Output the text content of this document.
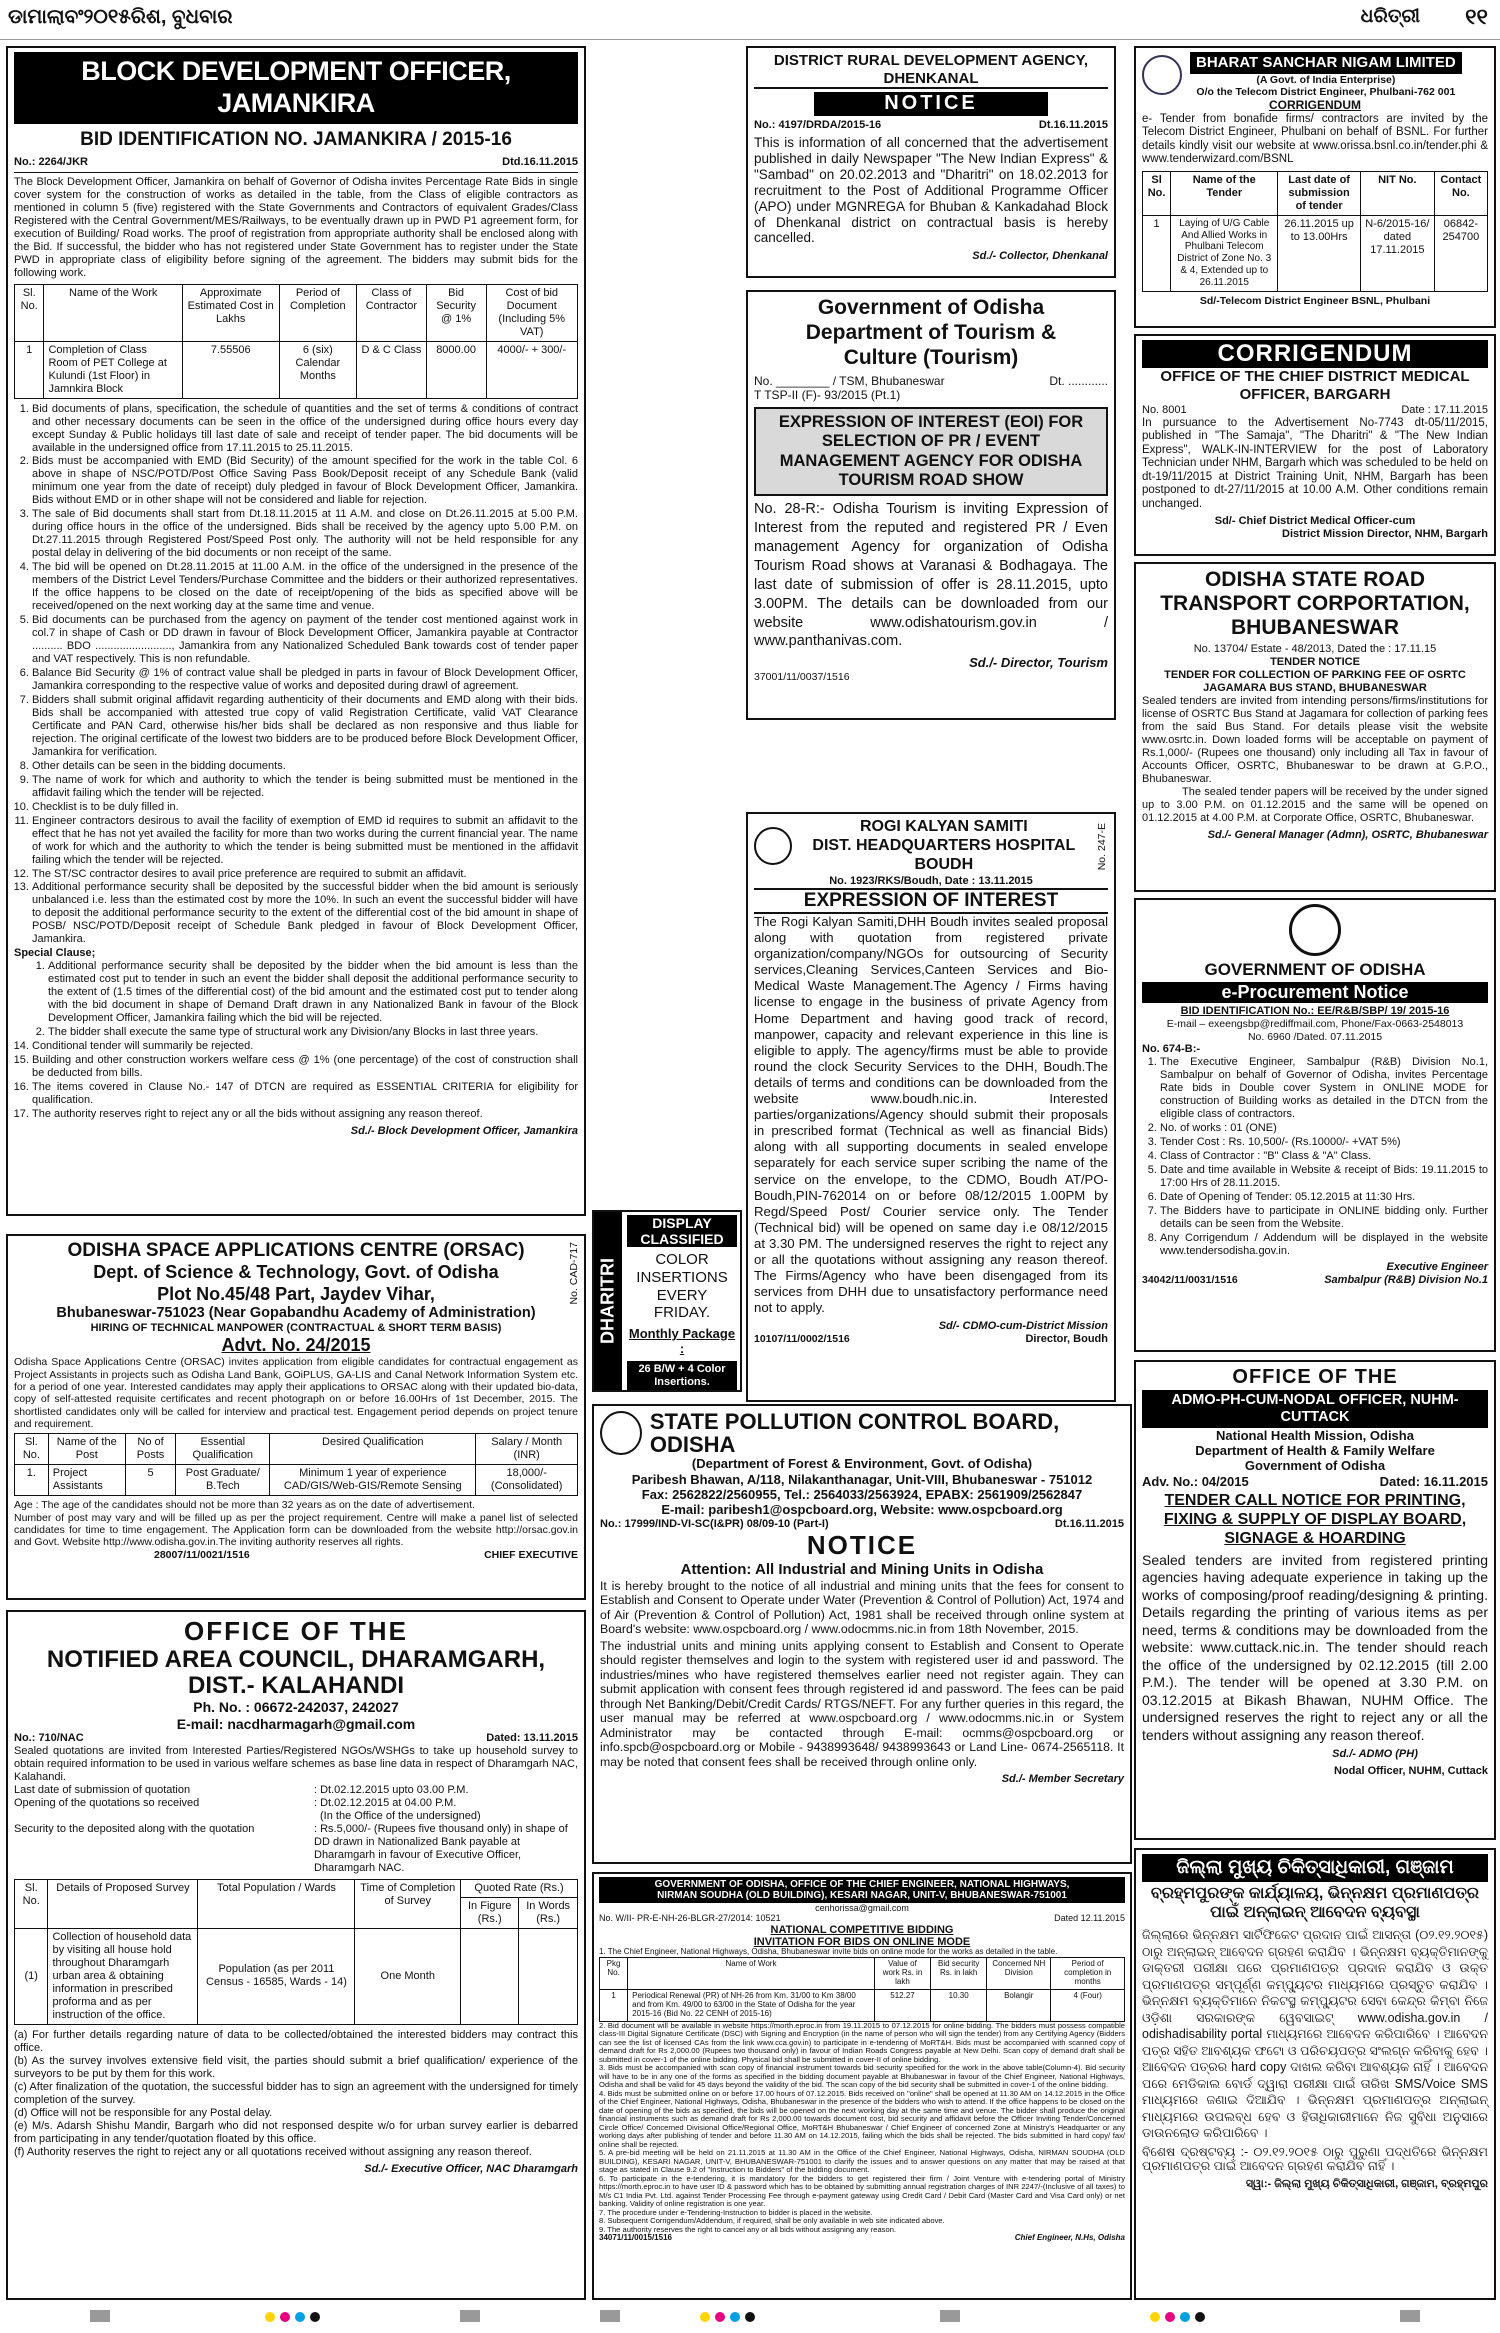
ଡାମାଲାବଂ୨୦୧୫ରିଶ, ବୁଧବାର	ଧରିତ୍ରୀ ୧୧
BLOCK DEVELOPMENT OFFICER, JAMANKIRA
BID IDENTIFICATION NO. JAMANKIRA / 2015-16
No.: 2264/JKR	Dtd.16.11.2015

The Block Development Officer, Jamankira on behalf of Governor of Odisha invites Percentage Rate Bids in single cover system for the construction of works as detailed in the table, from the Class of eligible contractors as mentioned in column 5 (five) registered with the State Governments and Contractors of equivalent Grades/Class Registered with the Central Government/MES/Railways, to be eventually drawn up in PWD P1 agreement form, for execution of Building/ Road works. The proof of registration from appropriate authority shall be enclosed along with the Bid. If successful, the bidder who has not registered under State Government has to register under the State PWD in appropriate class of eligibility before signing of the agreement. The bidders may submit bids for the following work.

Sl. No.	Name of the Work	Approximate Estimated Cost in Lakhs	Period of Completion	Class of Contractor	Bid Security @ 1%	Cost of bid Document (Including 5% VAT)
1	Completion of Class Room of PET College at Kulundi (1st Floor) in Jamnkira Block	7.55506	6 (six) Calendar Months	D & C Class	8000.00	4000/- + 300/-
1. Bid documents of plans, specification, the schedule of quantities and the set of terms & conditions of contract and other necessary documents can be seen in the office of the undersigned during office hours every day except Sunday & Public holidays till last date of sale and receipt of tender paper. The bid documents will be available in the undersigned office from 17.11.2015 to 25.11.2015.
2. Bids must be accompanied with EMD (Bid Security) of the amount specified for the work in the table Col. 6 above in shape of NSC/POTD/Post Office Saving Pass Book/Deposit receipt of any Schedule Bank (valid minimum one year from the date of receipt) duly pledged in favour of Block Development Officer, Jamankira. Bids without EMD or in other shape will not be considered and liable for rejection.
3. The sale of Bid documents shall start from Dt.18.11.2015 at 11 A.M. and close on Dt.26.11.2015 at 5.00 P.M. during office hours in the office of the undersigned. Bids shall be received by the agency upto 5.00 P.M. on Dt.27.11.2015 through Registered Post/Speed Post only. The authority will not be held responsible for any postal delay in delivering of the bid documents or non receipt of the same.
4. The bid will be opened on Dt.28.11.2015 at 11.00 A.M. in the office of the undersigned in the presence of the members of the District Level Tenders/Purchase Committee and the bidders or their authorized representatives. If the office happens to be closed on the date of receipt/opening of the bids as specified above will be received/opened on the next working day at the same time and venue.
5. Bid documents can be purchased from the agency on payment of the tender cost mentioned against work in col.7 in shape of Cash or DD drawn in favour of Block Development Officer, Jamankira payable at Contractor .......... BDO ........................., Jamankira from any Nationalized Scheduled Bank towards cost of tender paper and VAT respectively. This is non refundable.
6. Balance Bid Security @ 1% of contract value shall be pledged in parts in favour of Block Development Officer, Jamankira corresponding to the respective value of works and deposited during drawl of agreement.
7. Bidders shall submit original affidavit regarding authenticity of their documents and EMD along with their bids. Bids shall be accompanied with attested true copy of valid Registration Certificate, valid VAT Clearance Certificate and PAN Card, otherwise his/her bids shall be declared as non responsive and thus liable for rejection. The original certificate of the lowest two bidders are to be produced before Block Development Officer, Jamankira for verification.
8. Other details can be seen in the bidding documents.
9. The name of work for which and authority to which the tender is being submitted must be mentioned in the affidavit failing which the tender will be rejected.
10. Checklist is to be duly filled in.
11. Engineer contractors desirous to avail the facility of exemption of EMD id requires to submit an affidavit to the effect that he has not yet availed the facility for more than two works during the current financial year. The name of work for which and the authority to which the tender is being submitted must be mentioned in the affidavit failing which the tender will be rejected.
12. The ST/SC contractor desires to avail price preference are required to submit an affidavit.
13. Additional performance security shall be deposited by the successful bidder when the bid amount is seriously unbalanced i.e. less than the estimated cost by more the 10%. In such an event the successful bidder will have to deposit the additional performance security to the extent of the differential cost of the bid amount in shape of POSB/ NSC/POTD/Deposit receipt of Schedule Bank pledged in favour of Block Development Officer, Jamankira.
Special Clause;
1. Additional performance security shall be deposited by the bidder when the bid amount is less than the estimated cost put to tender in such an event the bidder shall deposit the additional performance security to the extent of (1.5 times of the differential cost) of the bid amount and the estimated cost put to tender along with the bid document in shape of Demand Draft drawn in any Nationalized Bank in favour of the Block Development Officer, Jamankira failing which the bid will be rejected.
2. The bidder shall execute the same type of structural work any Division/any Blocks in last three years.
14. Conditional tender will summarily be rejected.
15. Building and other construction workers welfare cess @ 1% (one percentage) of the cost of construction shall be deducted from bills.
16. The items covered in Clause No.- 147 of DTCN are required as ESSENTIAL CRITERIA for eligibility for qualification.
17. The authority reserves right to reject any or all the bids without assigning any reason thereof.
Sd./- Block Development Officer, Jamankira
DISTRICT RURAL DEVELOPMENT AGENCY, DHENKANAL
NOTICE
No.: 4197/DRDA/2015-16	Dt.16.11.2015

This is information of all concerned that the advertisement published in daily Newspaper "The New Indian Express" & "Sambad" on 20.02.2013 and "Dharitri" on 18.02.2013 for recruitment to the Post of Additional Programme Officer (APO) under MGNREGA for Bhuban & Kankadahad Block of Dhenkanal district on contractual basis is hereby cancelled.

Sd./- Collector, Dhenkanal
BHARAT SANCHAR NIGAM LIMITED
(A Govt. of India Enterprise)
O/o the Telecom District Engineer, Phulbani-762 001
CORRIGENDUM

e- Tender from bonafide firms/ contractors are invited by the Telecom District Engineer, Phulbani on behalf of BSNL. For further details kindly visit our website at www.orissa.bsnl.co.in/tender.phi & www.tenderwizard.com/BSNL

Sl No.	Name of the Tender	Last date of submission of tender	NIT No.	Contact No.
1	Laying of U/G Cable And Allied Works in Phulbani Telecom District of Zone No. 3 & 4, Extended up to 26.11.2015	26.11.2015 up to 13.00Hrs	N-6/2015-16/ dated 17.11.2015	06842-254700
Sd/-Telecom District Engineer BSNL, Phulbani
Government of Odisha
Department of Tourism &
Culture (Tourism)
No. ________ / TSM, Bhubaneswar	Dt. ............
T TSP-II (F)- 93/2015 (Pt.1)
EXPRESSION OF INTEREST (EOI) FOR SELECTION OF PR / EVENT MANAGEMENT AGENCY FOR ODISHA TOURISM ROAD SHOW

No. 28-R:- Odisha Tourism is inviting Expression of Interest from the reputed and registered PR / Even management Agency for organization of Odisha Tourism Road shows at Varanasi & Bodhagaya. The last date of submission of offer is 28.11.2015, upto 3.00PM. The details can be downloaded from our website www.odishatourism.gov.in / www.panthanivas.com.

Sd./- Director, Tourism
37001/11/0037/1516
CORRIGENDUM
OFFICE OF THE CHIEF DISTRICT MEDICAL OFFICER, BARGARH
No. 8001	Date : 17.11.2015

In pursuance to the Advertisement No-7743 dt-05/11/2015, published in "The Samaja", "The Dharitri" & "The New Indian Express", WALK-IN-INTERVIEW for the post of Laboratory Technician under NHM, Bargarh which was scheduled to be held on dt-19/11/2015 at District Training Unit, NHM, Bargarh has been postponed to dt-27/11/2015 at 10.00 A.M. Other conditions remain unchanged.

Sd/- Chief District Medical Officer-cum
District Mission Director, NHM, Bargarh
ODISHA STATE ROAD TRANSPORT CORPORTATION, BHUBANESWAR
No. 13704/ Estate - 48/2013, Dated the : 17.11.15
TENDER NOTICE
TENDER FOR COLLECTION OF PARKING FEE OF OSRTC JAGAMARA BUS STAND, BHUBANESWAR

Sealed tenders are invited from intending persons/firms/institutions for license of OSRTC Bus Stand at Jagamara for collection of parking fees from the said Bus Stand. For details please visit the website www.osrtc.in. Down loaded forms will be acceptable on payment of Rs.1,000/- (Rupees one thousand) only including all Tax in favour of Accounts Officer, OSRTC, Bhubaneswar to be drawn at G.P.O., Bhubaneswar.

The sealed tender papers will be received by the under signed up to 3.00 P.M. on 01.12.2015 and the same will be opened on 01.12.2015 at 4.00 P.M. at Corporate Office, OSRTC, Bhubaneswar.

Sd./- General Manager (Admn), OSRTC, Bhubaneswar
ROGI KALYAN SAMITI
DIST. HEADQUARTERS HOSPITAL
BOUDH	No. 247-E
No. 1923/RKS/Boudh, Date : 13.11.2015
EXPRESSION OF INTEREST

The Rogi Kalyan Samiti,DHH Boudh invites sealed proposal along with quotation from registered private organization/company/NGOs for outsourcing of Security services,Cleaning Services,Canteen Services and Bio-Medical Waste Management.The Agency / Firms having license to engage in the business of private Agency from Home Department and having good track of record, manpower, capacity and relevant experience in this line is eligible to apply. The agency/firms must be able to provide round the clock Security Services to the DHH, Boudh.The details of terms and conditions can be downloaded from the website www.boudh.nic.in. Interested parties/organizations/Agency should submit their proposals in prescribed format (Technical as well as financial Bids) along with all supporting documents in sealed envelope separately for each service super scribing the name of the service on the envelope, to the CDMO, Boudh AT/PO-Boudh,PIN-762014 on or before 08/12/2015 1.00PM by Regd/Speed Post/ Courier service only. The Tender (Technical bid) will be opened on same day i.e 08/12/2015 at 3.30 PM. The undersigned reserves the right to reject any or all the quotations without assigning any reason thereof. The Firms/Agency who have been disengaged from its services from DHH due to unsatisfactory performance need not to apply.

Sd/- CDMO-cum-District Mission
10107/11/0002/1516	Director, Boudh
GOVERNMENT OF ODISHA
e-Procurement Notice
BID IDENTIFICATION No.: EE/R&B/SBP/ 19/ 2015-16
E-mail – exeengsbp@rediffmail.com, Phone/Fax-0663-2548013
No. 6960 /Dated. 07.11.2015
No. 674-B:-
1. The Executive Engineer, Sambalpur (R&B) Division No.1, Sambalpur on behalf of Governor of Odisha, invites Percentage Rate bids in Double cover System in ONLINE MODE for construction of Building works as detailed in the DTCN from the eligible class of contractors.
2. No. of works : 01 (ONE)
3. Tender Cost : Rs. 10,500/- (Rs.10000/- +VAT 5%)
4. Class of Contractor : "B" Class & "A" Class.
5. Date and time available in Website & receipt of Bids: 19.11.2015 to 17:00 Hrs of 28.11.2015.
6. Date of Opening of Tender: 05.12.2015 at 11:30 Hrs.
7. The Bidders have to participate in ONLINE bidding only. Further details can be seen from the Website.
8. Any Corrigendum / Addendum will be displayed in the website www.tendersodisha.gov.in.
Executive Engineer
34042/11/0031/1516	Sambalpur (R&B) Division No.1
No. CAD-717
ODISHA SPACE APPLICATIONS CENTRE (ORSAC)
Dept. of Science & Technology, Govt. of Odisha
Plot No.45/48 Part, Jaydev Vihar,
Bhubaneswar-751023 (Near Gopabandhu Academy of Administration)
HIRING OF TECHNICAL MANPOWER (CONTRACTUAL & SHORT TERM BASIS)
Advt. No. 24/2015

Odisha Space Applications Centre (ORSAC) invites application from eligible candidates for contractual engagement as Project Assistants in projects such as Odisha Land Bank, GOiPLUS, GA-LIS and Canal Network Information System etc. for a period of one year. Interested candidates may apply their applications to ORSAC along with their updated bio-data, copy of self-attested requisite certificates and recent photograph on or before 16.00Hrs of 1st December, 2015. The shortlisted candidates only will be called for interview and practical test. Engagement period depends on project tenure and requirement.

Sl. No.	Name of the Post	No of Posts	Essential Qualification	Desired Qualification	Salary / Month (INR)
1.	Project Assistants	5	Post Graduate/ B.Tech	Minimum 1 year of experience CAD/GIS/Web-GIS/Remote Sensing	18,000/- (Consolidated)
Age : The age of the candidates should not be more than 32 years as on the date of advertisement.

Number of post may vary and will be filled up as per the project requirement. Centre will make a panel list of selected candidates for time to time engagement. The Application form can be downloaded from the website http://orsac.gov.in and Govt. Website http://www.odisha.gov.in.The inviting authority reserves all rights.

28007/11/0021/1516	CHIEF EXECUTIVE
DHARITRI
DISPLAY CLASSIFIED
COLOR INSERTIONS
EVERY FRIDAY.
Monthly Package :
26 B/W + 4 Color Insertions.
OFFICE OF THE
NOTIFIED AREA COUNCIL, DHARAMGARH, DIST.- KALAHANDI
Ph. No. : 06672-242037, 242027
E-mail: nacdharmagarh@gmail.com
No.: 710/NAC	Dated: 13.11.2015

Sealed quotations are invited from Interested Parties/Registered NGOs/WSHGs to take up household survey to obtain required information to be used in various welfare schemes as base line data in respect of Dharamgarh NAC, Kalahandi.

Last date of submission of quotation	: Dt.02.12.2015 upto 03.00 P.M.
Opening of the quotations so received	: Dt.02.12.2015 at 04.00 P.M.
(In the Office of the undersigned)
Security to the deposited along with the quotation	: Rs.5,000/- (Rupees five thousand only) in shape of DD drawn in Nationalized Bank payable at Dharamgarh in favour of Executive Officer, Dharamgarh NAC.
Sl. No.	Details of Proposed Survey	Total Population / Wards	Time of Completion of Survey	Quoted Rate (Rs.)	
				In Figure (Rs.)	In Words (Rs.)
(1)	Collection of household data by visiting all house hold throughout Dharamgarh urban area & obtaining information in prescribed proforma and as per instruction of the office.	Population (as per 2011 Census - 16585, Wards - 14)	One Month		
(a) For further details regarding nature of data to be collected/obtained the interested bidders may contract this office.
(b) As the survey involves extensive field visit, the parties should submit a brief qualification/ experience of the surveyors to be put by them for this work.
(c) After finalization of the quotation, the successful bidder has to sign an agreement with the undersigned for timely completion of the survey.
(d) Office will not be responsible for any Postal delay.
(e) M/s. Adarsh Shishu Mandir, Bargarh who did not responsed despite w/o for urban survey earlier is debarred from participating in any tender/quotation floated by this office.
(f) Authority reserves the right to reject any or all quotations received without assigning any reason thereof.
Sd./- Executive Officer, NAC Dharamgarh
STATE POLLUTION CONTROL BOARD, ODISHA
(Department of Forest & Environment, Govt. of Odisha)
Paribesh Bhawan, A/118, Nilakanthanagar, Unit-VIII, Bhubaneswar - 751012
Fax: 2562822/2560955, Tel.: 2564033/2563924, EPABX: 2561909/2562847
E-mail: paribesh1@ospcboard.org, Website: www.ospcboard.org
No.: 17999/IND-VI-SC(I&PR) 08/09-10 (Part-I)	Dt.16.11.2015
NOTICE
Attention: All Industrial and Mining Units in Odisha

It is hereby brought to the notice of all industrial and mining units that the fees for consent to Establish and Consent to Operate under Water (Prevention & Control of Pollution) Act, 1974 and of Air (Prevention & Control of Pollution) Act, 1981 shall be received through online system at Board's website: www.ospcboard.org / www.odocmms.nic.in from 18th November, 2015.

The industrial units and mining units applying consent to Establish and Consent to Operate should register themselves and login to the system with registered user id and password. The industries/mines who have registered themselves earlier need not register again. They can submit application with consent fees through registered id and password. The fees can be paid through Net Banking/Debit/Credit Cards/ RTGS/NEFT. For any further queries in this regard, the user manual may be referred at www.ospcboard.org / www.odocmms.nic.in or System Administrator may be contacted through E-mail: ocmms@ospcboard.org or info.spcb@ospcboard.org or Mobile - 9438993648/ 9438993643 or Land Line- 0674-2565118. It may be noted that consent fees shall be received through online only.

Sd./- Member Secretary
GOVERNMENT OF ODISHA, OFFICE OF THE CHIEF ENGINEER, NATIONAL HIGHWAYS,
NIRMAN SOUDHA (OLD BUILDING), KESARI NAGAR, UNIT-V, BHUBANESWAR-751001
cenhorissa@gmail.com
No. W/II- PR-E-NH-26-BLGR-27/2014: 10521	Dated 12.11.2015
NATIONAL COMPETITIVE BIDDING
INVITATION FOR BIDS ON ONLINE MODE
1. The Chief Engineer, National Highways, Odisha, Bhubaneswar invite bids on online mode for the works as detailed in the table.
Pkg No.	Name of Work	Value of work Rs. in lakh	Bid security Rs. in lakh	Concerned NH Division	Period of completion in months
1	Periodical Renewal (PR) of NH-26 from Km. 31/00 to Km 38/00 and from Km. 49/00 to 63/00 in the State of Odisha for the year 2015-16 (Bid No. 22 CENH of 2015-16)	512.27	10.30	Bolangir	4 (Four)
2. Bid document will be available in website https://morth.eproc.in from 19.11.2015 to 07.12.2015 for online bidding. The bidders must possess compatible class-III Digital Signature Certificate (DSC) with Signing and Encryption (in the name of person who will sign the tender) from any Certifying Agency (Bidders can see the list of licensed CAs from the link www.cca.gov.in) to participate in e-tendering of MoRT&H. Bids must be accompanied with scanned copy of demand draft for Rs 2,000.00 (Rupees two thousand only) in favour of Indian Roads Congress payable at New Delhi. Scan copy of demand draft shall be submitted in cover-1 of the online bidding. Physical bid shall be submitted in cover-II of online bidding.
3. Bids must be accompanied with scan copy of financial instrument towards bid security specified for the work in the above table(Column-4). Bid security will have to be in any one of the forms as specified in the bidding document payable at Bhubaneswar in favour of the Chief Engineer, National Highways, Odisha and shall be valid for 45 days beyond the validity of the bid. The scan copy of the bid security shall be submitted in cover-1 of the online bidding.
4. Bids must be submitted online on or before 17.00 hours of 07.12.2015. Bids received on "online" shall be opened at 11.30 AM on 14.12.2015 in the Office of the Chief Engineer, National Highways, Odisha, Bhubaneswar in the presence of the bidders who wish to attend. If the office happens to be closed on the date of opening of the bids as specified, the bids will be opened on the next working day at the same time and venue. The bidder shall produce the original financial instruments such as demand draft for Rs 2,000.00 towards document cost, bid security and affidavit before the Officer Inviting Tender/Concerned Circle Office/ Concerned Divisional Office/Regional Office, MoRT&H Bhubaneswar / Chief Engineer of concerned Zone at Ministry's Headquarter or any working days after publishing of tender and before 11.30 AM on 14.12.2015, failing which the bids shall be rejected. The bids submitted in hard copy/ fax/ online shall be rejected.
5. A pre-bid meeting will be held on 21.11.2015 at 11.30 AM in the Office of the Chief Engineer, National Highways, Odisha, NIRMAN SOUDHA (OLD BUILDING), KESARI NAGAR, UNIT-V, BHUBANESWAR-751001 to clarify the issues and to answer questions on any matter that may be raised at that stage as stated in Clause 9.2 of "Instruction to Bidders" of the bidding document.
6. To participate in the e-tendering, it is mandatory for the bidders to get registered their firm / Joint Venture with e-tendering portal of Ministry https://morth.eproc.in to have user ID & password which has to be obtained by submitting annual registration charges of INR 2247/-(Inclusive of all taxes) to M/s C1 India Pvt. Ltd. against Tender Processing Fee through e-payment gateway using Credit Card / Debit Card (Master Card and Visa Card only) or net banking. Validity of online registration is one year.
7. The procedure under e-Tendering-Instruction to bidder is placed in the website.
8. Subsequent Corrigendum/Addendum, if required, shall be only available in web site indicated above.
9. The authority reserves the right to cancel any or all bids without assigning any reason.
34071/11/0015/1516	Chief Engineer, N.Hs, Odisha
OFFICE OF THE
ADMO-PH-CUM-NODAL OFFICER, NUHM-CUTTACK
National Health Mission, Odisha
Department of Health & Family Welfare
Government of Odisha
Adv. No.: 04/2015	Dated: 16.11.2015
TENDER CALL NOTICE FOR PRINTING, FIXING & SUPPLY OF DISPLAY BOARD, SIGNAGE & HOARDING

Sealed tenders are invited from registered printing agencies having adequate experience in taking up the works of composing/proof reading/designing & printing. Details regarding the printing of various items as per need, terms & conditions may be downloaded from the website: www.cuttack.nic.in. The tender should reach the office of the undersigned by 02.12.2015 (till 2.00 P.M.). The tender will be opened at 3.30 P.M. on 03.12.2015 at Bikash Bhawan, NUHM Office. The undersigned reserves the right to reject any or all the tenders without assigning any reason thereof.

Sd./- ADMO (PH)
Nodal Officer, NUHM, Cuttack
ଜିଲ୍ଲା ମୁଖ୍ୟ ଚିକିତ୍ସାଧିକାରୀ, ଗଞ୍ଜାମ
ବ୍ରହ୍ମପୁରଙ୍କ କାର୍ଯ୍ୟାଳୟ, ଭିନ୍ନକ୍ଷମ ପ୍ରମାଣପତ୍ର
ପାଇଁ ଅନ୍‌ଲାଇନ୍ ଆବେଦନ ବ୍ୟବସ୍ଥା

ଜିଲ୍ଲାରେ ଭିନ୍ନକ୍ଷମ ସାର୍ଟିଫିକେଟ ପ୍ରଦାନ ପାଇଁ ଆସନ୍ତା (୦୨.୧୨.୨୦୧୫) ଠାରୁ ଅନ୍‌ଲାଇନ୍ ଆବେଦନ ଗ୍ରହଣ କରାଯିବ । ଭିନ୍ନକ୍ଷମ ବ୍ୟକ୍ତିମାନଙ୍କୁ ଡାକ୍ତରୀ ପରୀକ୍ଷା ପରେ ପ୍ରମାଣପତ୍ର ପ୍ରଦାନ କରାଯିବ ଓ ଉକ୍ତ ପ୍ରମାଣପତ୍ର ସମ୍ପୂର୍ଣ୍ଣ କମ୍ପ୍ୟୁଟର ମାଧ୍ୟମରେ ପ୍ରସ୍ତୁତ କରାଯିବ । ଭିନ୍ନକ୍ଷମ ବ୍ୟକ୍ତିମାନେ ନିକଟସ୍ଥ କମ୍ପ୍ୟୁଟର ସେବା କେନ୍ଦ୍ର କିମ୍ବା ନିଜେ ଓଡ଼ିଶା ସରକାରଙ୍କ ୱେବସାଇଟ୍ www.odisha.gov.in / odishadisability portal ମାଧ୍ୟମରେ ଆବେଦନ କରିପାରିବେ । ଆବେଦନ ପତ୍ର ସହିତ ଆବଶ୍ୟକ ଫଟୋ ଓ ପରିଚୟପତ୍ର ସଂଲଗ୍ନ କରିବାକୁ ହେବ । ଆବେଦନ ପତ୍ରର hard copy ଦାଖଲ କରିବା ଆବଶ୍ୟକ ନାହିଁ । ଆବେଦନ ପରେ ମେଡିକାଲ ବୋର୍ଡ ଦ୍ୱାରା ପରୀକ୍ଷା ପାଇଁ ତାରିଖ SMS/Voice SMS ମାଧ୍ୟମରେ ଜଣାଇ ଦିଆଯିବ । ଭିନ୍ନକ୍ଷମ ପ୍ରମାଣପତ୍ର ଅନ୍‌ଲାଇନ୍ ମାଧ୍ୟମରେ ଉପଲବ୍ଧ ହେବ ଓ ହିତାଧିକାରୀମାନେ ନିଜ ସୁବିଧା ଅନୁସାରେ ଡାଉନଲୋଡ କରିପାରିବେ ।

ବିଶେଷ ଦ୍ରଷ୍ଟବ୍ୟ :- ୦୨.୧୨.୨୦୧୫ ଠାରୁ ପୁରୁଣା ପଦ୍ଧତିରେ ଭିନ୍ନକ୍ଷମ ପ୍ରମାଣପତ୍ର ପାଇଁ ଆବେଦନ ଗ୍ରହଣ କରାଯିବ ନାହିଁ ।

ସ୍ୱା:- ଜିଲ୍ଲା ମୁଖ୍ୟ ଚିକିତ୍ସାଧିକାରୀ, ଗଞ୍ଜାମ, ବ୍ରହ୍ମପୁର
